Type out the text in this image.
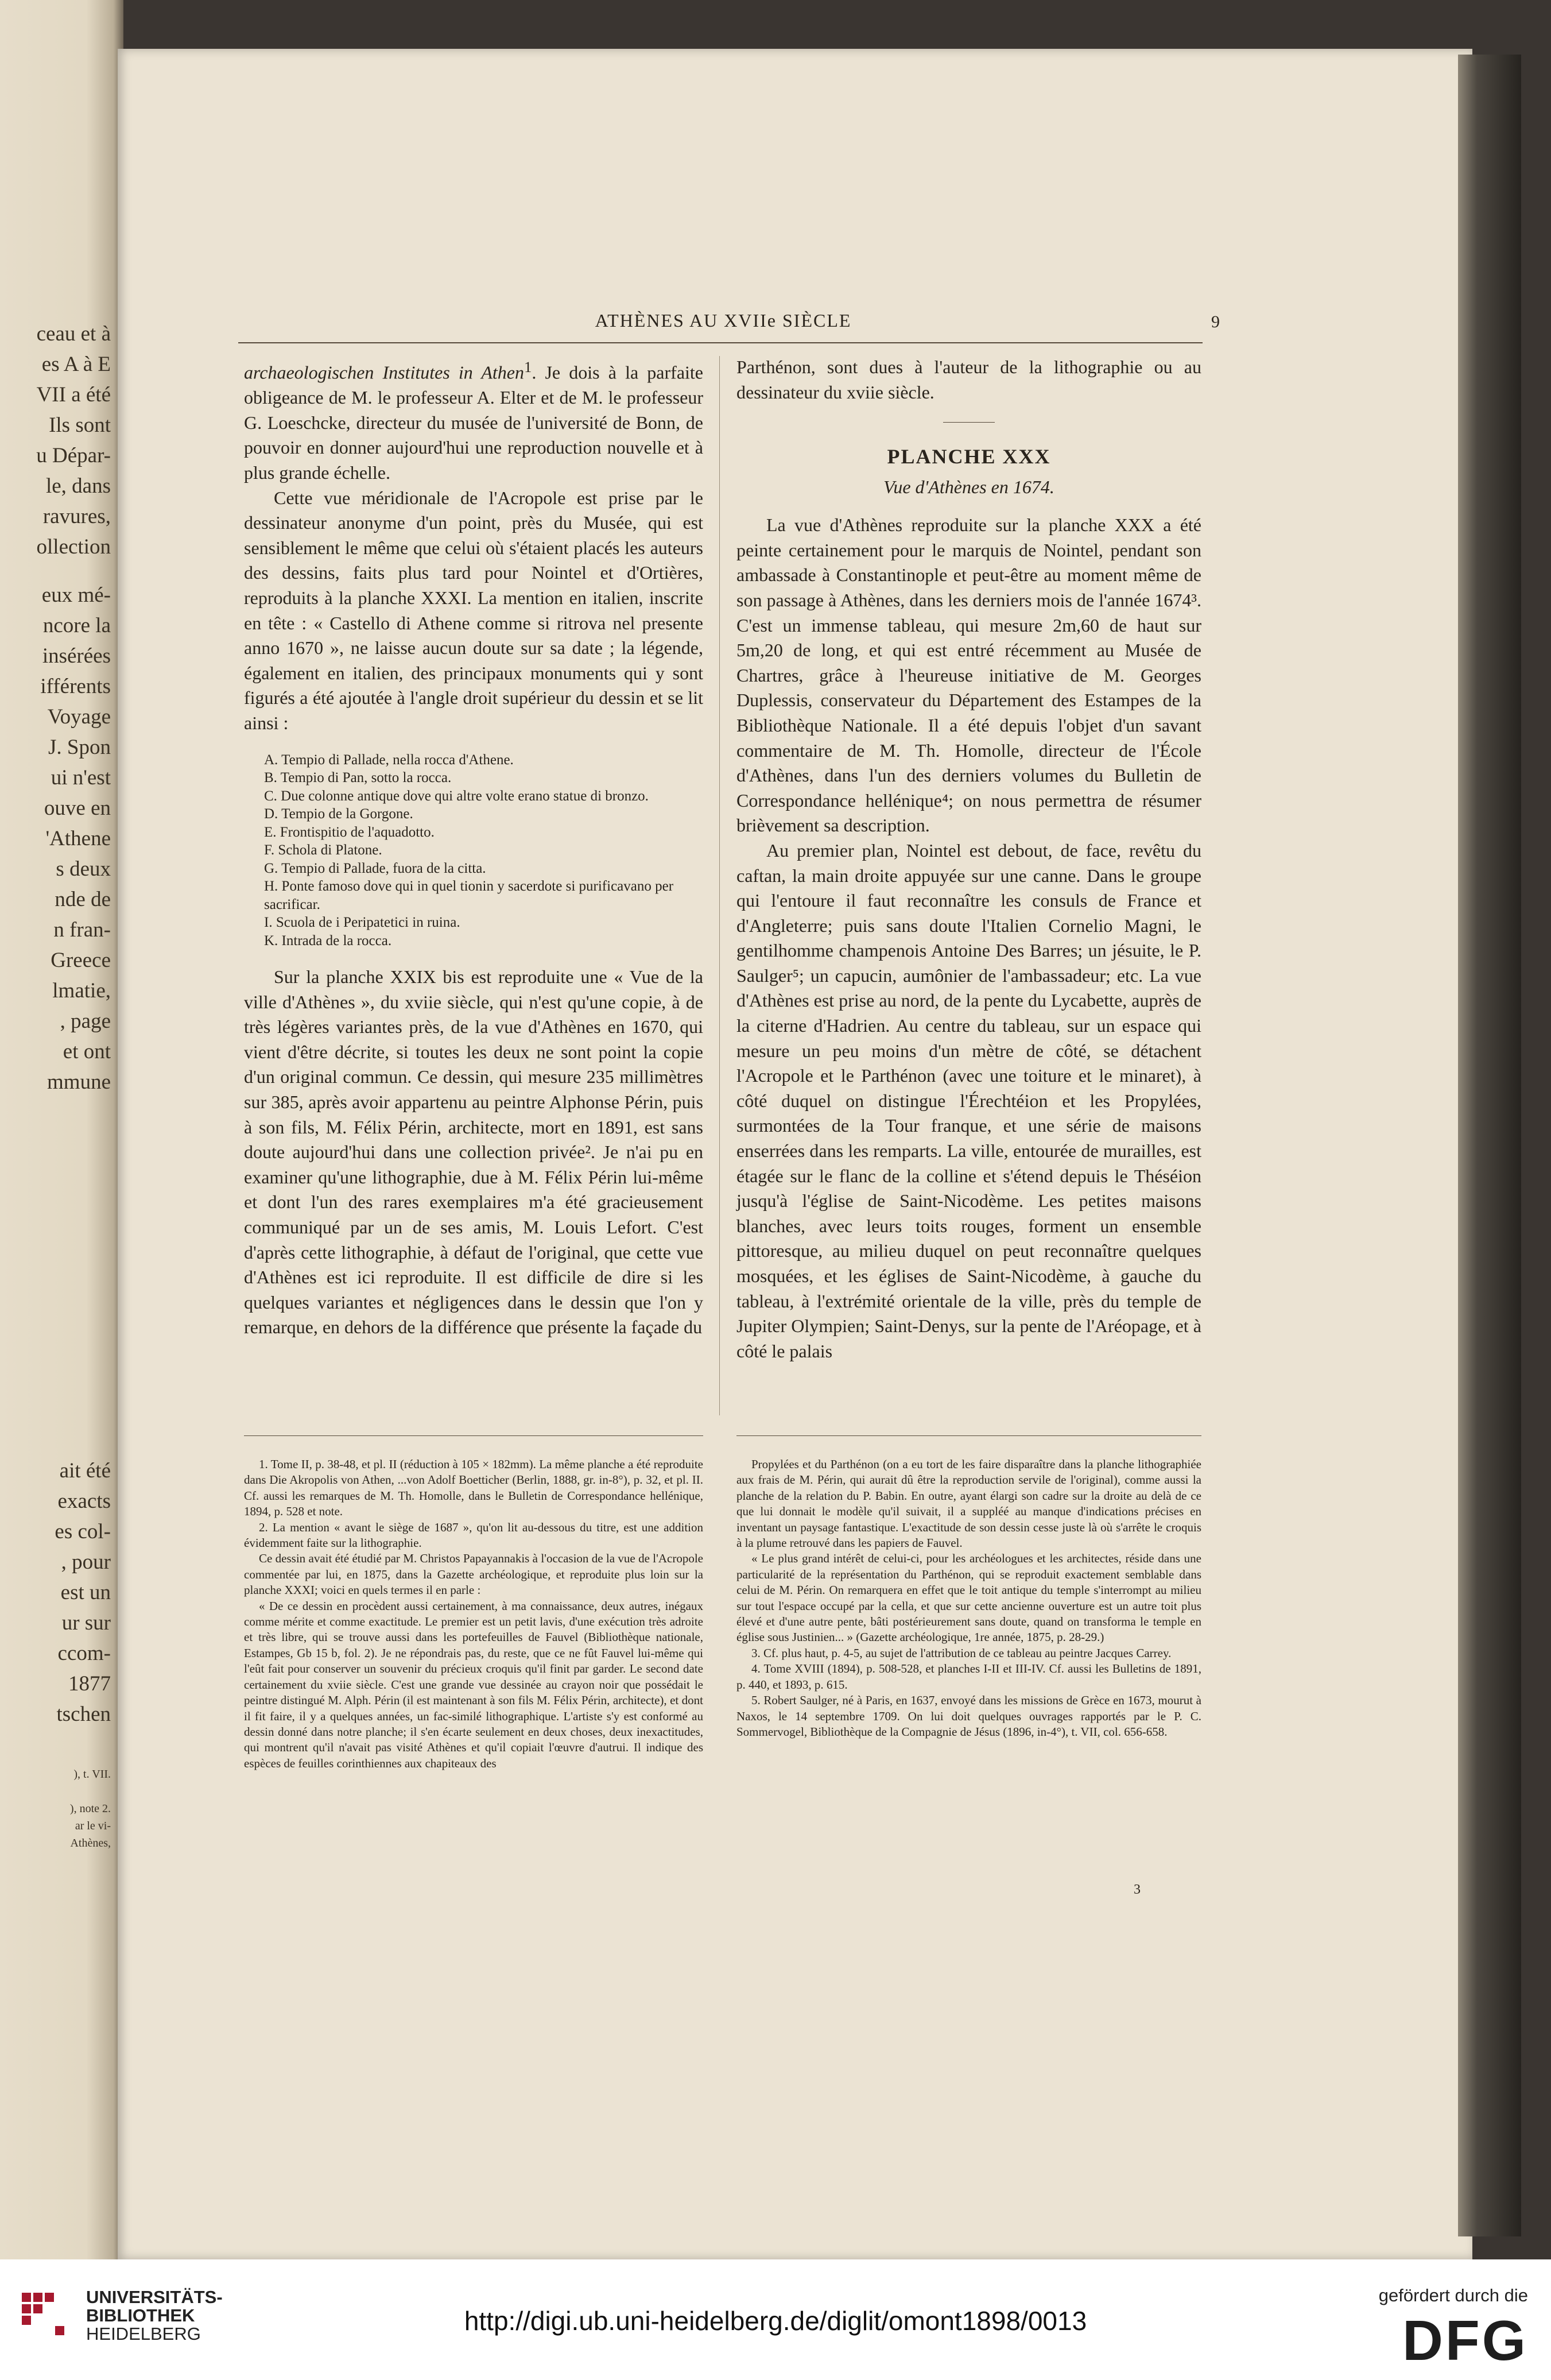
ceau et à
es A à E
VII a été
Ils sont
u Dépar-
le, dans
ravures,
ollection
eux mé-
ncore la
insérées
ifférents
Voyage
J. Spon
ui n'est
ouve en
'Athene
s deux
nde de
n fran-
Greece
lmatie,
, page
et ont
mmune
ait été
exacts
es col-
, pour
est un
ur sur
ccom-
1877
tschen
), t. VII.
), note 2.
ar le vi-
Athènes,
ATHÈNES AU XVIIe SIÈCLE	9

archaeologischen Institutes in Athen$^1$. Je dois à la parfaite obligeance de M. le professeur A. Elter et de M. le professeur G. Loeschcke, directeur du musée de l'université de Bonn, de pouvoir en donner aujourd'hui une reproduction nouvelle et à plus grande échelle.

Cette vue méridionale de l'Acropole est prise par le dessinateur anonyme d'un point, près du Musée, qui est sensiblement le même que celui où s'étaient placés les auteurs des dessins, faits plus tard pour Nointel et d'Ortières, reproduits à la planche XXXI. La mention en italien, inscrite en tête : « Castello di Athene comme si ritrova nel presente anno 1670 », ne laisse aucun doute sur sa date ; la légende, également en italien, des principaux monuments qui y sont figurés a été ajoutée à l'angle droit supérieur du dessin et se lit ainsi :

A. Tempio di Pallade, nella rocca d'Athene.
B. Tempio di Pan, sotto la rocca.
C. Due colonne antique dove qui altre volte erano statue di bronzo.
D. Tempio de la Gorgone.
E. Frontispitio de l'aquadotto.
F. Schola di Platone.
G. Tempio di Pallade, fuora de la citta.
H. Ponte famoso dove qui in quel tionin y sacerdote si purificavano per sacrificar.
I. Scuola de i Peripatetici in ruina.
K. Intrada de la rocca.

Sur la planche XXIX bis est reproduite une « Vue de la ville d'Athènes », du xviie siècle, qui n'est qu'une copie, à de très légères variantes près, de la vue d'Athènes en 1670, qui vient d'être décrite, si toutes les deux ne sont point la copie d'un original commun. Ce dessin, qui mesure 235 millimètres sur 385, après avoir appartenu au peintre Alphonse Périn, puis à son fils, M. Félix Périn, architecte, mort en 1891, est sans doute aujourd'hui dans une collection privée². Je n'ai pu en examiner qu'une lithographie, due à M. Félix Périn lui-même et dont l'un des rares exemplaires m'a été gracieusement communiqué par un de ses amis, M. Louis Lefort. C'est d'après cette lithographie, à défaut de l'original, que cette vue d'Athènes est ici reproduite. Il est difficile de dire si les quelques variantes et négligences dans le dessin que l'on y remarque, en dehors de la différence que présente la façade du

Parthénon, sont dues à l'auteur de la lithographie ou au dessinateur du xviie siècle.

PLANCHE XXX
Vue d'Athènes en 1674.

La vue d'Athènes reproduite sur la planche XXX a été peinte certainement pour le marquis de Nointel, pendant son ambassade à Constantinople et peut-être au moment même de son passage à Athènes, dans les derniers mois de l'année 1674³. C'est un immense tableau, qui mesure 2m,60 de haut sur 5m,20 de long, et qui est entré récemment au Musée de Chartres, grâce à l'heureuse initiative de M. Georges Duplessis, conservateur du Département des Estampes de la Bibliothèque Nationale. Il a été depuis l'objet d'un savant commentaire de M. Th. Homolle, directeur de l'École d'Athènes, dans l'un des derniers volumes du Bulletin de Correspondance hellénique⁴; on nous permettra de résumer brièvement sa description.

Au premier plan, Nointel est debout, de face, revêtu du caftan, la main droite appuyée sur une canne. Dans le groupe qui l'entoure il faut reconnaître les consuls de France et d'Angleterre; puis sans doute l'Italien Cornelio Magni, le gentilhomme champenois Antoine Des Barres; un jésuite, le P. Saulger⁵; un capucin, aumônier de l'ambassadeur; etc. La vue d'Athènes est prise au nord, de la pente du Lycabette, auprès de la citerne d'Hadrien. Au centre du tableau, sur un espace qui mesure un peu moins d'un mètre de côté, se détachent l'Acropole et le Parthénon (avec une toiture et le minaret), à côté duquel on distingue l'Érechtéion et les Propylées, surmontées de la Tour franque, et une série de maisons enserrées dans les remparts. La ville, entourée de murailles, est étagée sur le flanc de la colline et s'étend depuis le Théséion jusqu'à l'église de Saint-Nicodème. Les petites maisons blanches, avec leurs toits rouges, forment un ensemble pittoresque, au milieu duquel on peut reconnaître quelques mosquées, et les églises de Saint-Nicodème, à gauche du tableau, à l'extrémité orientale de la ville, près du temple de Jupiter Olympien; Saint-Denys, sur la pente de l'Aréopage, et à côté le palais

1. Tome II, p. 38-48, et pl. II (réduction à 105 × 182mm). La même planche a été reproduite dans Die Akropolis von Athen, ...von Adolf Boetticher (Berlin, 1888, gr. in-8°), p. 32, et pl. II. Cf. aussi les remarques de M. Th. Homolle, dans le Bulletin de Correspondance hellénique, 1894, p. 528 et note.

2. La mention « avant le siège de 1687 », qu'on lit au-dessous du titre, est une addition évidemment faite sur la lithographie.

Ce dessin avait été étudié par M. Christos Papayannakis à l'occasion de la vue de l'Acropole commentée par lui, en 1875, dans la Gazette archéologique, et reproduite plus loin sur la planche XXXI; voici en quels termes il en parle :

« De ce dessin en procèdent aussi certainement, à ma connaissance, deux autres, inégaux comme mérite et comme exactitude. Le premier est un petit lavis, d'une exécution très adroite et très libre, qui se trouve aussi dans les portefeuilles de Fauvel (Bibliothèque nationale, Estampes, Gb 15 b, fol. 2). Je ne répondrais pas, du reste, que ce ne fût Fauvel lui-même qui l'eût fait pour conserver un souvenir du précieux croquis qu'il finit par garder. Le second date certainement du xviie siècle. C'est une grande vue dessinée au crayon noir que possédait le peintre distingué M. Alph. Périn (il est maintenant à son fils M. Félix Périn, architecte), et dont il fit faire, il y a quelques années, un fac-similé lithographique. L'artiste s'y est conformé au dessin donné dans notre planche; il s'en écarte seulement en deux choses, deux inexactitudes, qui montrent qu'il n'avait pas visité Athènes et qu'il copiait l'œuvre d'autrui. Il indique des espèces de feuilles corinthiennes aux chapiteaux des

Propylées et du Parthénon (on a eu tort de les faire disparaître dans la planche lithographiée aux frais de M. Périn, qui aurait dû être la reproduction servile de l'original), comme aussi la planche de la relation du P. Babin. En outre, ayant élargi son cadre sur la droite au delà de ce que lui donnait le modèle qu'il suivait, il a suppléé au manque d'indications précises en inventant un paysage fantastique. L'exactitude de son dessin cesse juste là où s'arrête le croquis à la plume retrouvé dans les papiers de Fauvel.

« Le plus grand intérêt de celui-ci, pour les archéologues et les architectes, réside dans une particularité de la représentation du Parthénon, qui se reproduit exactement semblable dans celui de M. Périn. On remarquera en effet que le toit antique du temple s'interrompt au milieu sur tout l'espace occupé par la cella, et que sur cette ancienne ouverture est un autre toit plus élevé et d'une autre pente, bâti postérieurement sans doute, quand on transforma le temple en église sous Justinien... » (Gazette archéologique, 1re année, 1875, p. 28-29.)

3. Cf. plus haut, p. 4-5, au sujet de l'attribution de ce tableau au peintre Jacques Carrey.

4. Tome XVIII (1894), p. 508-528, et planches I-II et III-IV. Cf. aussi les Bulletins de 1891, p. 440, et 1893, p. 615.

5. Robert Saulger, né à Paris, en 1637, envoyé dans les missions de Grèce en 1673, mourut à Naxos, le 14 septembre 1709. On lui doit quelques ouvrages rapportés par le P. C. Sommervogel, Bibliothèque de la Compagnie de Jésus (1896, in-4°), t. VII, col. 656-658.

3
UNIVERSITÄTS-
BIBLIOTHEK
HEIDELBERG	http://digi.ub.uni-heidelberg.de/diglit/omont1898/0013
gefördert durch die
DFG
